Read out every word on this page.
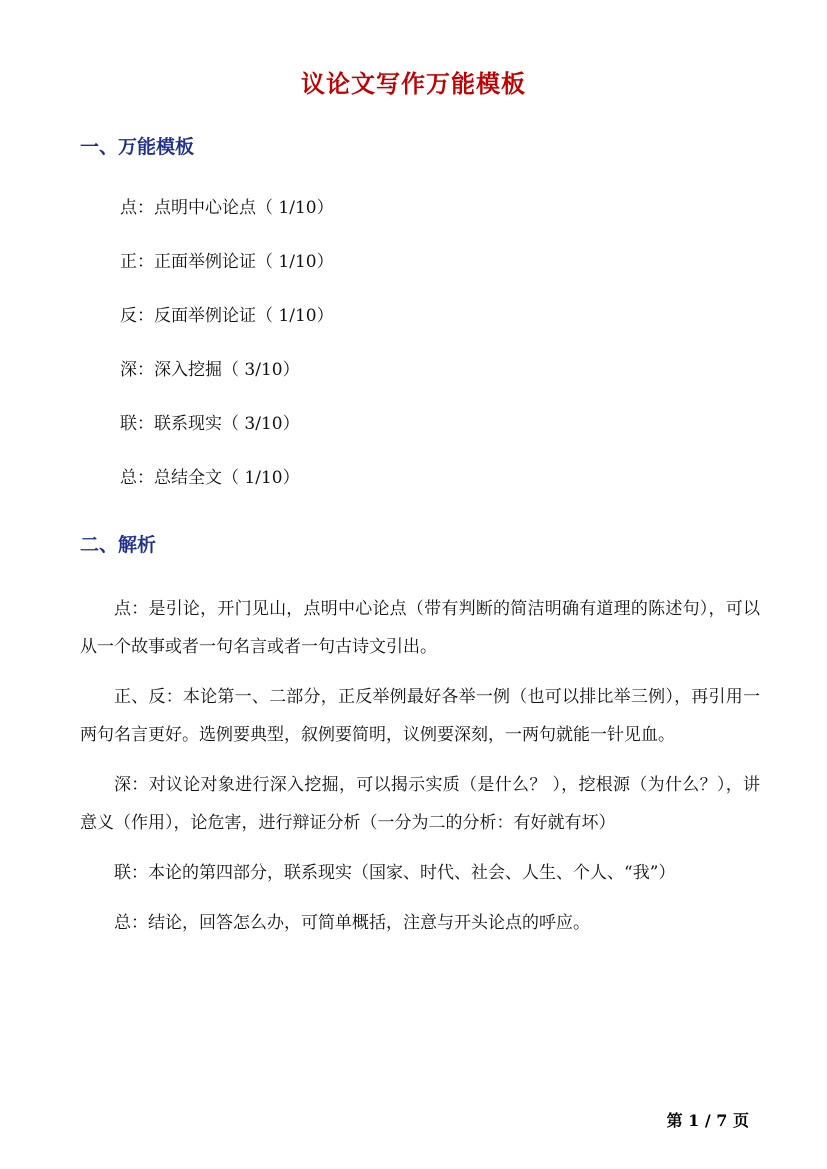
议论文写作万能模板
一、万能模板
点：点明中心论点（ 1/10）
正：正面举例论证（ 1/10）
反：反面举例论证（ 1/10）
深：深入挖掘（ 3/10）
联：联系现实（ 3/10）
总：总结全文（ 1/10）
二、解析

点：是引论，开门见山，点明中心论点（带有判断的简洁明确有道理的陈述句），可以从一个故事或者一句名言或者一句古诗文引出。

正、反：本论第一、二部分，正反举例最好各举一例（也可以排比举三例），再引用一两句名言更好。选例要典型，叙例要简明，议例要深刻，一两句就能一针见血。

深：对议论对象进行深入挖掘，可以揭示实质（是什么？ ），挖根源（为什么？），讲意义（作用），论危害，进行辩证分析（一分为二的分析：有好就有坏）

联：本论的第四部分，联系现实（国家、时代、社会、人生、个人、“我”）

总：结论，回答怎么办，可简单概括，注意与开头论点的呼应。

第 1 / 7 页
